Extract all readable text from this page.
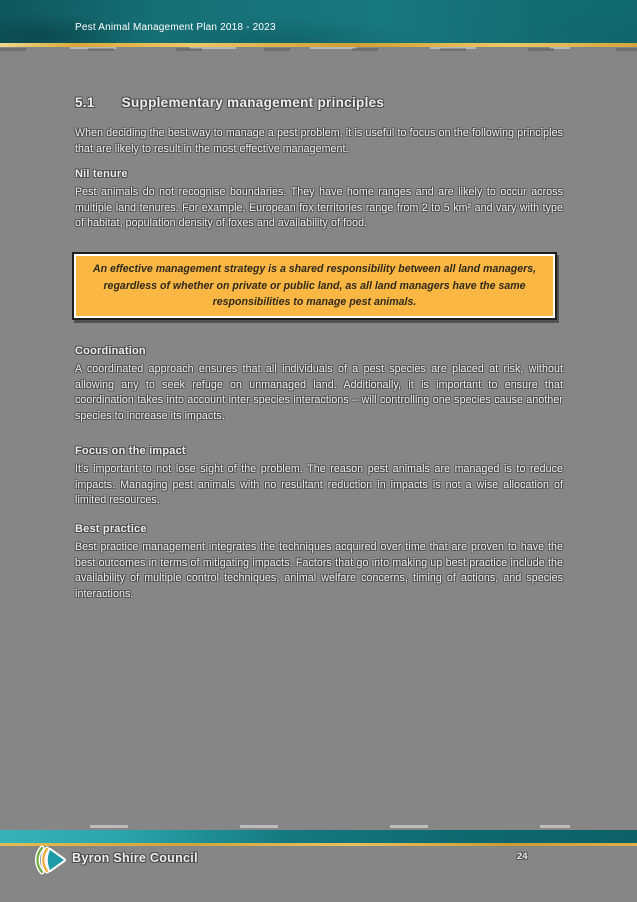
Pest Animal Management Plan 2018 - 2023
5.1 Supplementary management principles

When deciding the best way to manage a pest problem, it is useful to focus on the following principles that are likely to result in the most effective management.

Nil tenure

Pest animals do not recognise boundaries. They have home ranges and are likely to occur across multiple land tenures. For example, European fox territories range from 2 to 5 km² and vary with type of habitat, population density of foxes and availability of food.

An effective management strategy is a shared responsibility between all land managers, regardless of whether on private or public land, as all land managers have the same responsibilities to manage pest animals.

Coordination

A coordinated approach ensures that all individuals of a pest species are placed at risk, without allowing any to seek refuge on unmanaged land. Additionally, it is important to ensure that coordination takes into account inter-species interactions – will controlling one species cause another species to increase its impacts.

Focus on the impact

It's important to not lose sight of the problem. The reason pest animals are managed is to reduce impacts. Managing pest animals with no resultant reduction in impacts is not a wise allocation of limited resources.

Best practice

Best practice management integrates the techniques acquired over time that are proven to have the best outcomes in terms of mitigating impacts. Factors that go into making up best practice include the availability of multiple control techniques, animal welfare concerns, timing of actions, and species interactions.

Byron Shire Council	24
